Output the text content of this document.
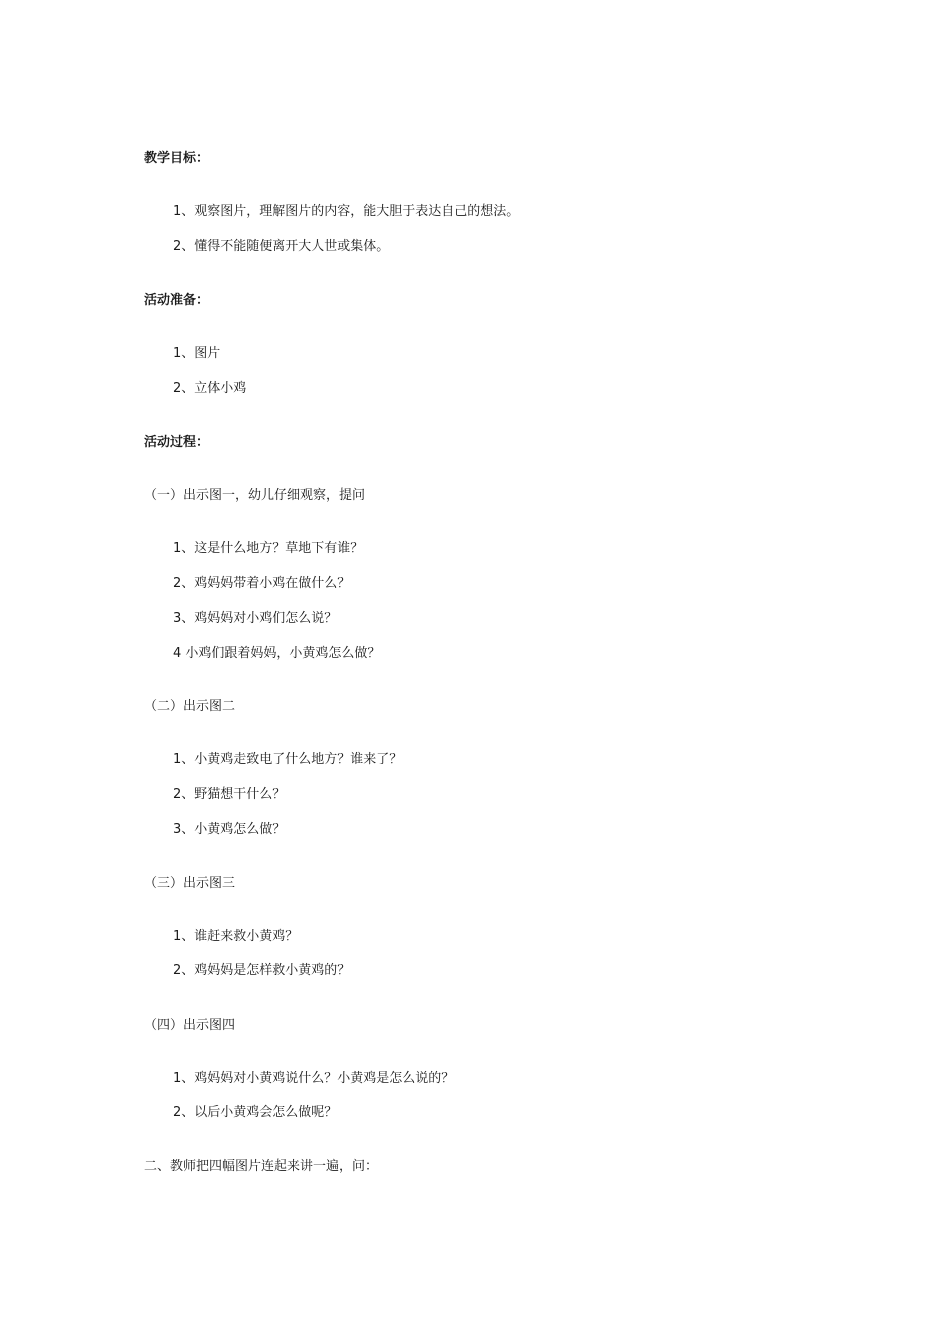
教学目标：
1、观察图片，理解图片的内容，能大胆于表达自己的想法。
2、懂得不能随便离开大人世或集体。
活动准备：
1、图片
2、立体小鸡
活动过程：
（一）出示图一，幼儿仔细观察，提问
1、这是什么地方？草地下有谁？
2、鸡妈妈带着小鸡在做什么？
3、鸡妈妈对小鸡们怎么说？
4 小鸡们跟着妈妈，小黄鸡怎么做？
（二）出示图二
1、小黄鸡走致电了什么地方？谁来了？
2、野猫想干什么？
3、小黄鸡怎么做？
（三）出示图三
1、谁赶来救小黄鸡？
2、鸡妈妈是怎样救小黄鸡的？
（四）出示图四
1、鸡妈妈对小黄鸡说什么？小黄鸡是怎么说的？
2、以后小黄鸡会怎么做呢？
二、教师把四幅图片连起来讲一遍，问：
